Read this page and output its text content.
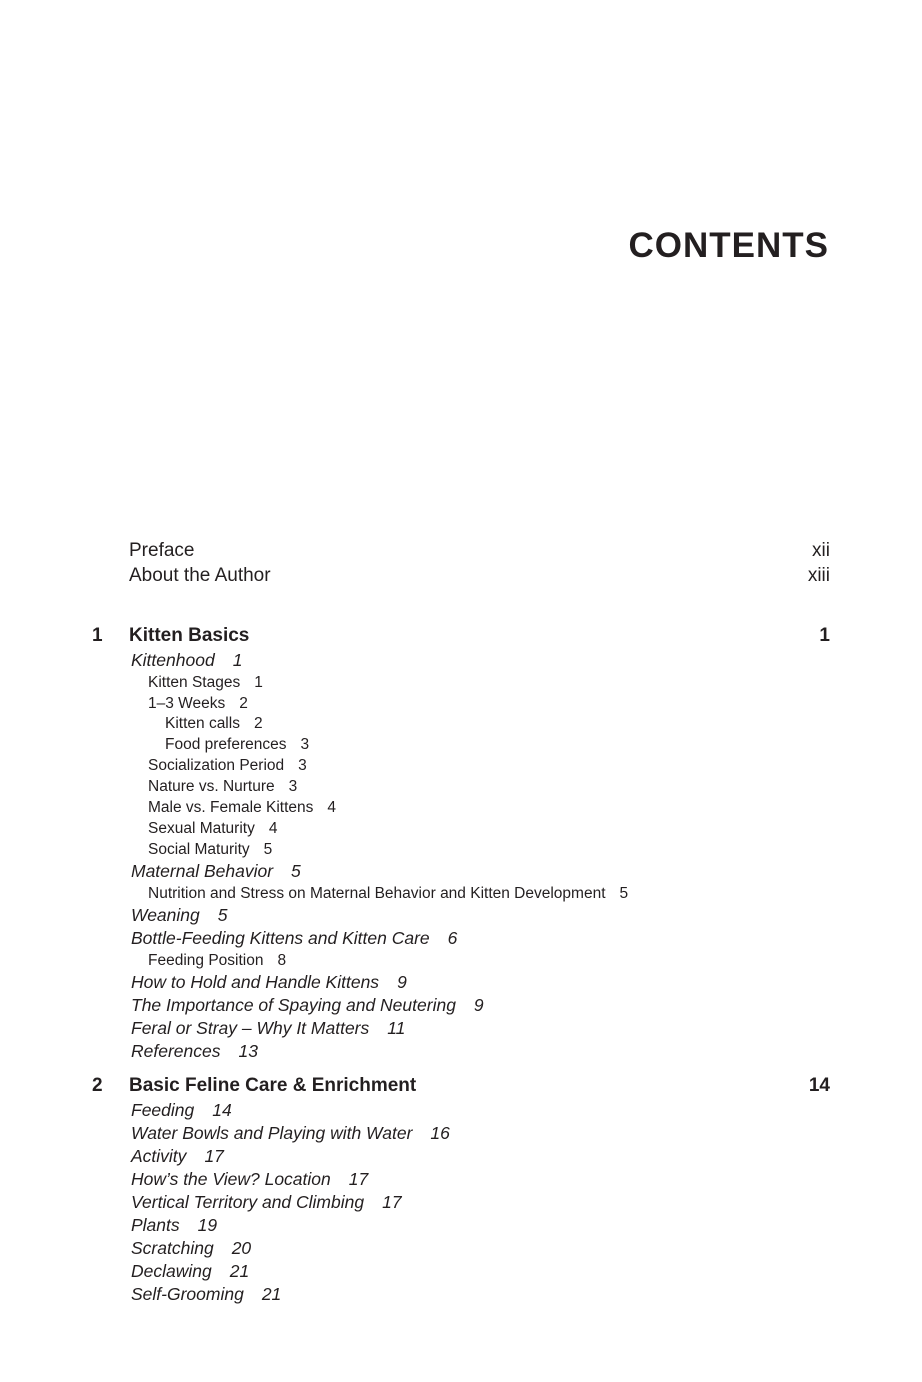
CONTENTS
Preface	xii
About the Author	xiii
1 Kitten Basics	1
Kittenhood 1
Kitten Stages 1
1–3 Weeks 2
Kitten calls 2
Food preferences 3
Socialization Period 3
Nature vs. Nurture 3
Male vs. Female Kittens 4
Sexual Maturity 4
Social Maturity 5
Maternal Behavior 5
Nutrition and Stress on Maternal Behavior and Kitten Development 5
Weaning 5
Bottle-Feeding Kittens and Kitten Care 6
Feeding Position 8
How to Hold and Handle Kittens 9
The Importance of Spaying and Neutering 9
Feral or Stray – Why It Matters 11
References 13
2 Basic Feline Care & Enrichment	14
Feeding 14
Water Bowls and Playing with Water 16
Activity 17
How’s the View? Location 17
Vertical Territory and Climbing 17
Plants 19
Scratching 20
Declawing 21
Self-Grooming 21
